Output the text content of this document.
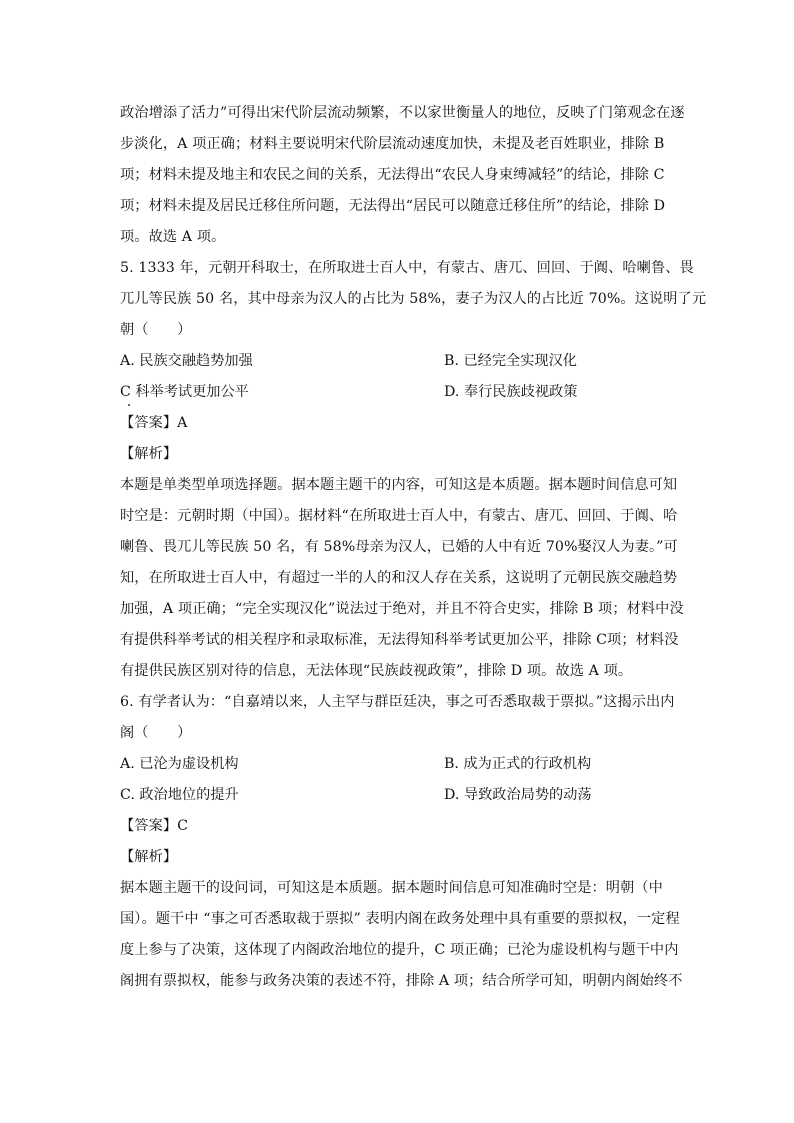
政治增添了活力”可得出宋代阶层流动频繁，不以家世衡量人的地位，反映了门第观念在逐
步淡化，A 项正确；材料主要说明宋代阶层流动速度加快，未提及老百姓职业，排除 B
项；材料未提及地主和农民之间的关系，无法得出“农民人身束缚减轻”的结论，排除 C
项；材料未提及居民迁移住所问题，无法得出“居民可以随意迁移住所”的结论，排除 D
项。故选 A 项。
5. 1333 年，元朝开科取士，在所取进士百人中，有蒙古、唐兀、回回、于阗、哈喇鲁、畏
兀儿等民族 50 名，其中母亲为汉人的占比为 58%，妻子为汉人的占比近 70%。这说明了元
朝（　　）
A. 民族交融趋势加强	B. 已经完全实现汉化
C 科举考试更加公平	D. 奉行民族歧视政策
【答案】A
【解析】
本题是单类型单项选择题。据本题主题干的内容，可知这是本质题。据本题时间信息可知
时空是：元朝时期（中国）。据材料“在所取进士百人中，有蒙古、唐兀、回回、于阗、哈
喇鲁、畏兀儿等民族 50 名，有 58%母亲为汉人，已婚的人中有近 70%娶汉人为妻。”可
知，在所取进士百人中，有超过一半的人的和汉人存在关系，这说明了元朝民族交融趋势
加强，A 项正确；“完全实现汉化”说法过于绝对，并且不符合史实，排除 B 项；材料中没
有提供科举考试的相关程序和录取标准，无法得知科举考试更加公平，排除 C项；材料没
有提供民族区别对待的信息，无法体现“民族歧视政策”，排除 D 项。故选 A 项。
6. 有学者认为：“自嘉靖以来，人主罕与群臣廷决，事之可否悉取裁于票拟。”这揭示出内
阁（　　）
A. 已沦为虚设机构	B. 成为正式的行政机构
C. 政治地位的提升	D. 导致政治局势的动荡
【答案】C
【解析】
据本题主题干的设问词，可知这是本质题。据本题时间信息可知准确时空是：明朝（中
国）。题干中 “事之可否悉取裁于票拟” 表明内阁在政务处理中具有重要的票拟权，一定程
度上参与了决策，这体现了内阁政治地位的提升，C 项正确；已沦为虚设机构与题干中内
阁拥有票拟权，能参与政务决策的表述不符，排除 A 项；结合所学可知，明朝内阁始终不
